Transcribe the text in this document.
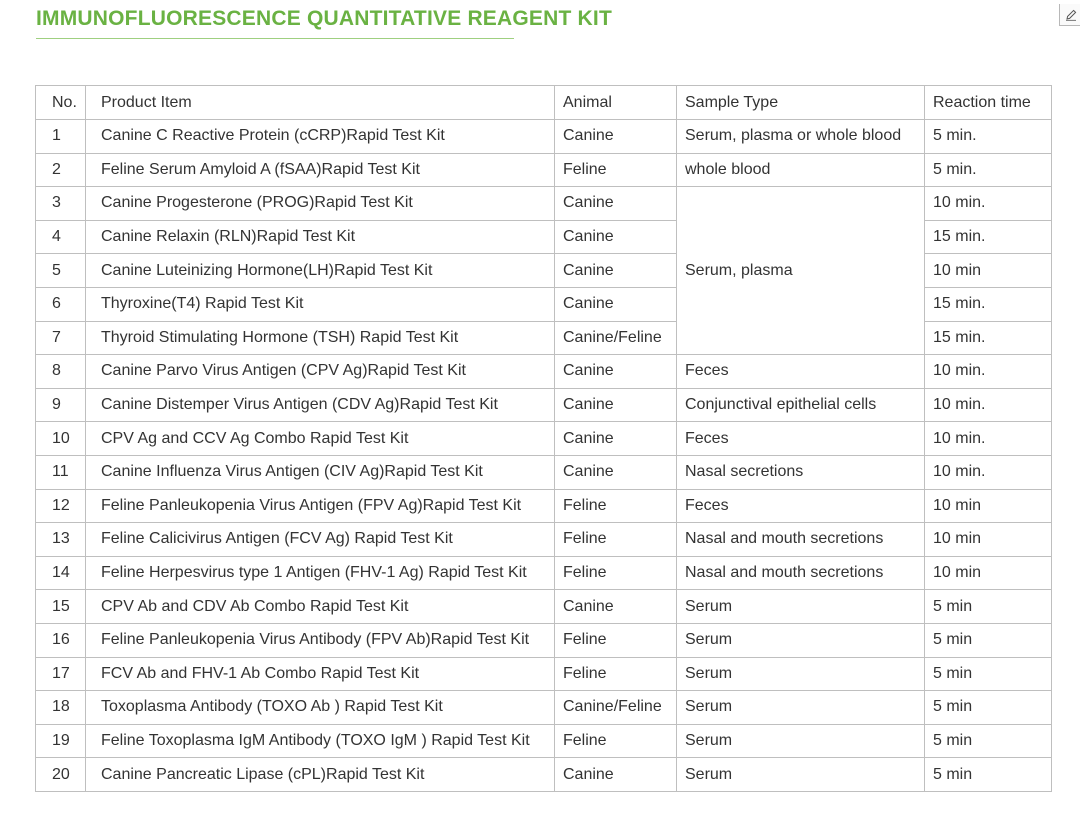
IMMUNOFLUORESCENCE QUANTITATIVE REAGENT KIT
No.	Product Item	Animal	Sample Type	Reaction time
1	Canine C Reactive Protein (cCRP)Rapid Test Kit	Canine	Serum, plasma or whole blood	5 min.
2	Feline Serum Amyloid A (fSAA)Rapid Test Kit	Feline	whole blood	5 min.
3	Canine Progesterone (PROG)Rapid Test Kit	Canine	Serum, plasma	10 min.
4	Canine Relaxin (RLN)Rapid Test Kit	Canine		15 min.
5	Canine Luteinizing Hormone(LH)Rapid Test Kit	Canine		10 min
6	Thyroxine(T4) Rapid Test Kit	Canine		15 min.
7	Thyroid Stimulating Hormone (TSH) Rapid Test Kit	Canine/Feline		15 min.
8	Canine Parvo Virus Antigen (CPV Ag)Rapid Test Kit	Canine	Feces	10 min.
9	Canine Distemper Virus Antigen (CDV Ag)Rapid Test Kit	Canine	Conjunctival epithelial cells	10 min.
10	CPV Ag and CCV Ag Combo Rapid Test Kit	Canine	Feces	10 min.
11	Canine Influenza Virus Antigen (CIV Ag)Rapid Test Kit	Canine	Nasal secretions	10 min.
12	Feline Panleukopenia Virus Antigen (FPV Ag)Rapid Test Kit	Feline	Feces	10 min
13	Feline Calicivirus Antigen (FCV Ag) Rapid Test Kit	Feline	Nasal and mouth secretions	10 min
14	Feline Herpesvirus type 1 Antigen (FHV-1 Ag) Rapid Test Kit	Feline	Nasal and mouth secretions	10 min
15	CPV Ab and CDV Ab Combo Rapid Test Kit	Canine	Serum	5 min
16	Feline Panleukopenia Virus Antibody (FPV Ab)Rapid Test Kit	Feline	Serum	5 min
17	FCV Ab and FHV-1 Ab Combo Rapid Test Kit	Feline	Serum	5 min
18	Toxoplasma Antibody (TOXO Ab ) Rapid Test Kit	Canine/Feline	Serum	5 min
19	Feline Toxoplasma IgM Antibody (TOXO IgM ) Rapid Test Kit	Feline	Serum	5 min
20	Canine Pancreatic Lipase (cPL)Rapid Test Kit	Canine	Serum	5 min
